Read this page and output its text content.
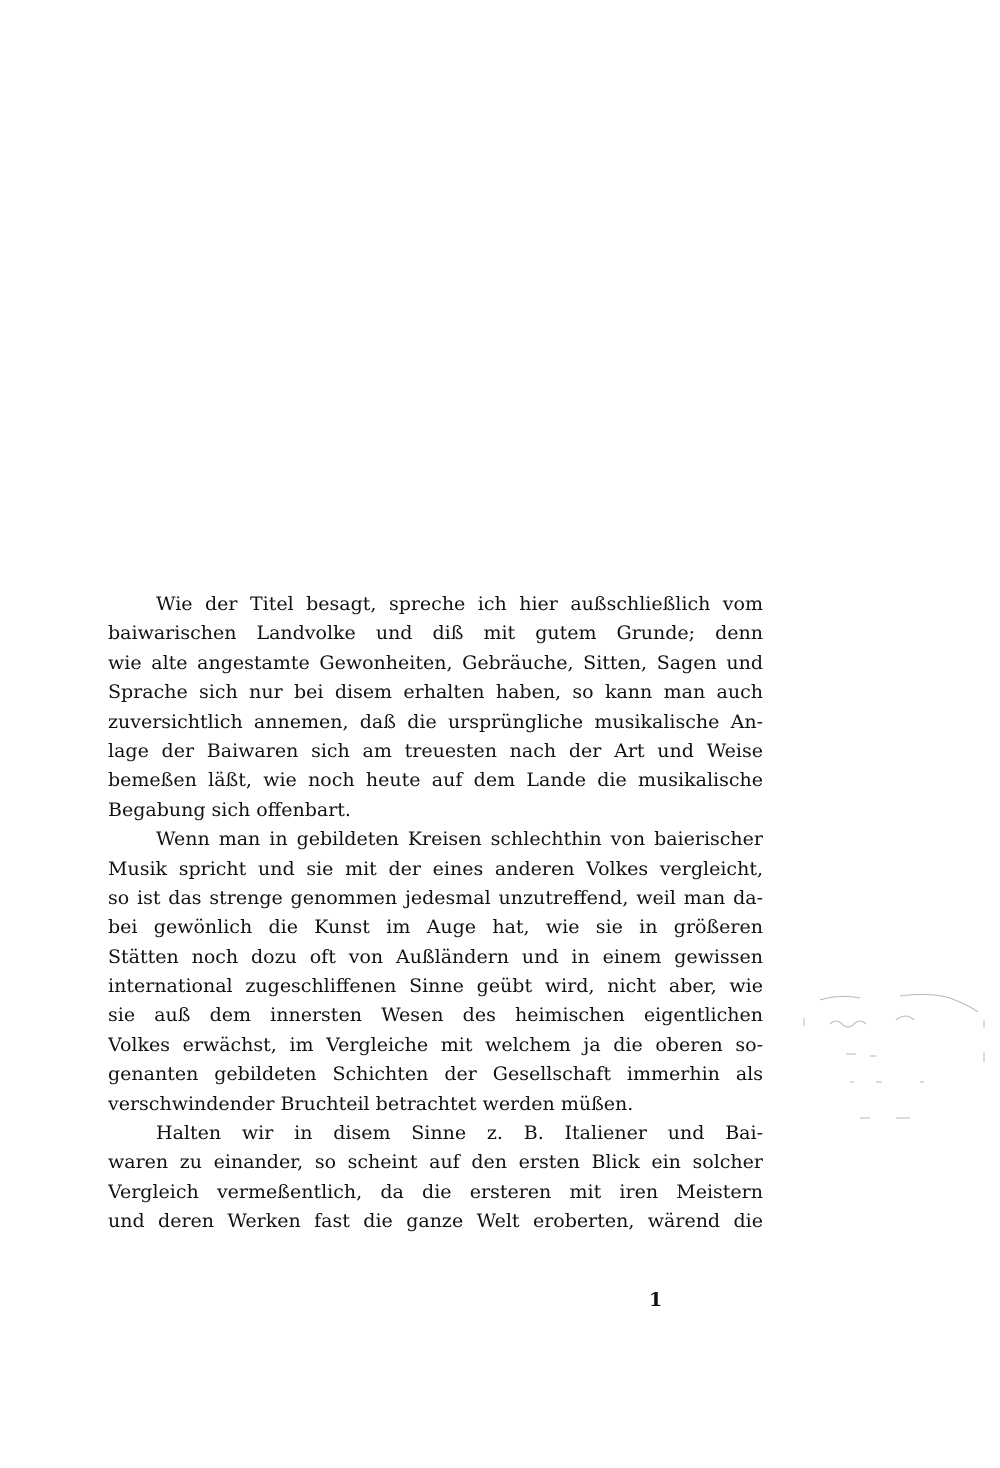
Wie der Titel besagt, spreche ich hier außschließlich vom
baiwarischen Landvolke und diß mit gutem Grunde; denn
wie alte angestamte Gewonheiten, Gebräuche, Sitten, Sagen und
Sprache sich nur bei disem erhalten haben, so kann man auch
zuversichtlich annemen, daß die ursprüngliche musikalische An-
lage der Baiwaren sich am treuesten nach der Art und Weise
bemeßen läßt, wie noch heute auf dem Lande die musikalische
Begabung sich offenbart.
Wenn man in gebildeten Kreisen schlechthin von baierischer
Musik spricht und sie mit der eines anderen Volkes vergleicht,
so ist das strenge genommen jedesmal unzutreffend, weil man da-
bei gewönlich die Kunst im Auge hat, wie sie in größeren
Stätten noch dozu oft von Außländern und in einem gewissen
international zugeschliffenen Sinne geübt wird, nicht aber, wie
sie auß dem innersten Wesen des heimischen eigentlichen
Volkes erwächst, im Vergleiche mit welchem ja die oberen so-
genanten gebildeten Schichten der Gesellschaft immerhin als
verschwindender Bruchteil betrachtet werden müßen.
Halten wir in disem Sinne z. B. Italiener und Bai-
waren zu einander, so scheint auf den ersten Blick ein solcher
Vergleich vermeßentlich, da die ersteren mit iren Meistern
und deren Werken fast die ganze Welt eroberten, wärend die
1
